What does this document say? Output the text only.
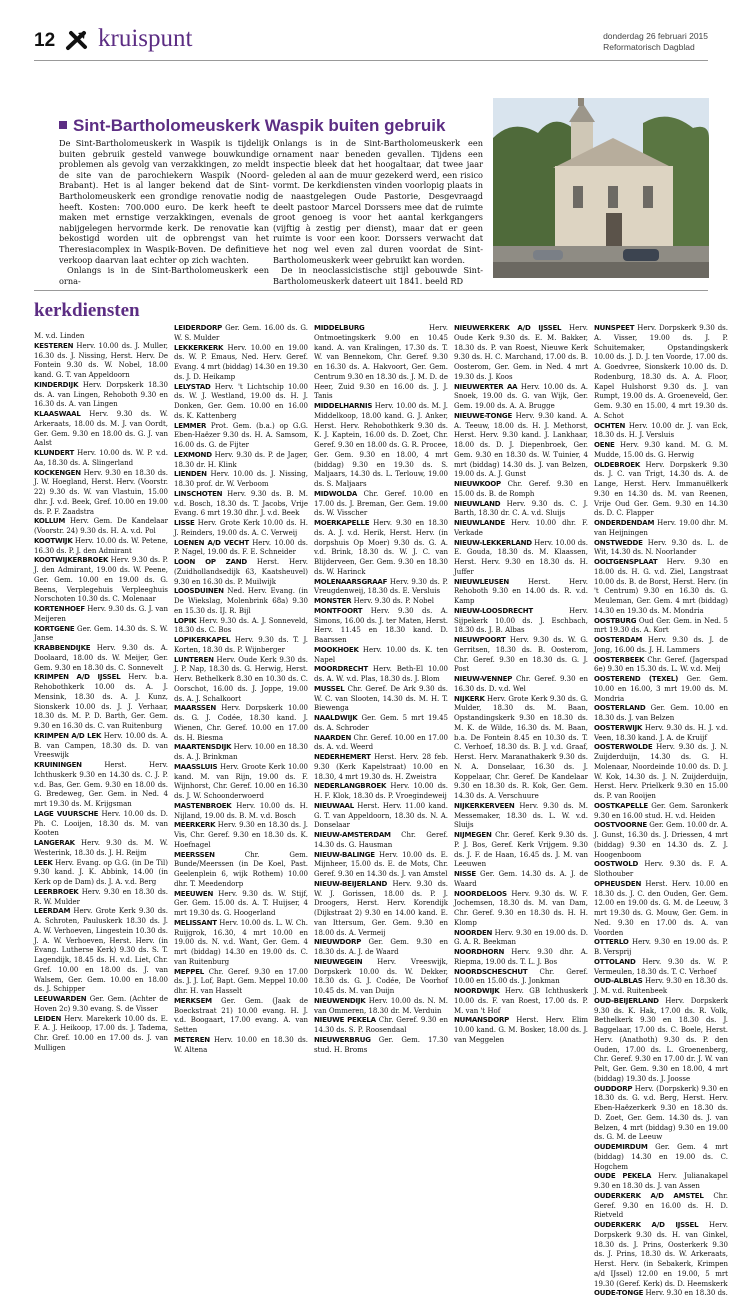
12 kruispunt	donderdag 26 februari 2015
Reformatorisch Dagblad
Sint-Bartholomeuskerk Waspik buiten gebruik

De Sint-Bartholomeuskerk in Waspik is tijdelijk buiten gebruik gesteld vanwege bouwkundige problemen als gevolg van verzakkingen, zo meldt de site van de parochiekern Waspik (Noord-Brabant). Het is al langer bekend dat de Sint-Bartholomeuskerk een grondige renovatie nodig heeft. Kosten: 700.000 euro. De kerk heeft te maken met ernstige verzakkingen, evenals de nabijgelegen hervormde kerk. De renovatie kan bekostigd worden uit de opbrengst van het Theresiacomplex in Waspik-Boven. De definitieve verkoop daarvan laat echter op zich wachten.

Onlangs is in de Sint-Bartholomeuskerk een orna-

Onlangs is in de Sint-Bartholomeuskerk een ornament naar beneden gevallen. Tijdens een inspectie bleek dat het hoogaltaar, dat twee jaar geleden al aan de muur gezekerd werd, een risico vormt. De kerkdiensten vinden voorlopig plaats in de naastgelegen Oude Pastorie, Desgevraagd deelt pastoor Marcel Dorssers mee dat de ruimte groot genoeg is voor het aantal kerkgangers (vijftig à zestig per dienst), maar dat er geen ruimte is voor een koor. Dorssers verwacht dat het nog wel even zal duren voordat de Sint-Bartholomeuskerk weer gebruikt kan worden.

De in neoclassicistische stijl gebouwde Sint-Bartholomeuskerk dateert uit 1841. beeld RD

kerkdiensten

M. v.d. Linden

KESTEREN Herv. 10.00 ds. J. Muller, 16.30 ds. J. Nissing, Herst. Herv. De Fontein 9.30 ds. W. Nobel, 18.00 kand. G. T. van Appeldoorn

KINDERDIJK Herv. Dorpskerk 18.30 ds. A. van Lingen, Rehoboth 9.30 en 16.30 ds. A. van Lingen

KLAASWAAL Herv. 9.30 ds. W. Arkeraats, 18.00 ds. M. J. van Oordt, Ger. Gem. 9.30 en 18.00 ds. G. J. van Aalst

KLUNDERT Herv. 10.00 ds. W. P. v.d. Aa, 18.30 ds. A. Slingerland

KOCKENGEN Herv. 9.30 en 18.30 ds. J. W. Hoegland, Herst. Herv. (Voorstr. 22) 9.30 ds. W. van Vlastuin, 15.00 dhr. J. v.d. Beek, Gref. 10.00 en 19.00 ds. P. F. Zaadstra

KOLLUM Herv. Gem. De Kandelaar (Voorstr. 24) 9.30 ds. H. A. v.d. Pol

KOOTWIJK Herv. 10.00 ds. W. Petene, 16.30 ds. P. J. den Admirant

KOOTWIJKERBROEK Herv. 9.30 ds. P. J. den Admirant, 19.00 ds. W. Peene, Ger. Gem. 10.00 en 19.00 ds. G. Beens, Verplegehuis Verpleeghuis Norschoten 10.30 ds. C. Molenaar

KORTENHOEF Herv. 9.30 ds. G. J. van Meijeren

KORTGENE Ger. Gem. 14.30 ds. S. W. Janse

KRABBENDIJKE Herv. 9.30 ds. A. Doolaard, 18.00 ds. W. Meijer, Ger. Gem. 9.30 en 18.30 ds. C. Sonnevelt

KRIMPEN A/D IJSSEL Herv. b.a. Rehobothkerk 10.00 ds. A. J. Mensink, 18.30 ds. A. J. Kunz, Sionskerk 10.00 ds. J. J. Verhaar, 18.30 ds. M. P. D. Barth, Ger. Gem. 9.30 en 16.30 ds. C. van Ruitenburg

KRIMPEN A/D LEK Herv. 10.00 ds. A. B. van Campen, 18.30 ds. D. van Vreeswijk

KRUININGEN Herst. Herv. Ichthuskerk 9.30 en 14.30 ds. C. J. P. v.d. Bas, Ger. Gem. 9.30 en 18.00 ds. G. Bredeweg, Ger. Gem. in Ned. 4 mrt 19.30 ds. M. Krijgsman

LAGE VUURSCHE Herv. 10.00 ds. D. Ph. C. Looijen, 18.30 ds. M. van Kooten

LANGERAK Herv. 9.30 ds. M. W. Westerink, 18.30 ds. J. H. Reijm

LEEK Herv. Evang. op G.G. (in De Til) 9.30 kand. J. K. Abbink, 14.00 (in Kerk op de Dam) ds. J. A. v.d. Berg

LEERBROEK Herv. 9.30 en 18.30 ds. R. W. Mulder

LEERDAM Herv. Grote Kerk 9.30 ds. A. Schroten, Pauluskerk 18.30 ds. J. A. W. Verhoeven, Lingestein 10.30 ds. J. A. W. Verhoeven, Herst. Herv. (in Evang. Lutherse Kerk) 9.30 ds. S. T. Lagendijk, 18.45 ds. H. v.d. Liet, Chr. Gref. 10.00 en 18.00 ds. J. van Walsem, Ger. Gem. 10.00 en 18.00 ds. J. Schipper

LEEUWARDEN Ger. Gem. (Achter de Hoven 2c) 9.30 evang. S. de Visser

LEIDEN Herv. Marekerk 10.00 ds. E. F. A. J. Heikoop, 17.00 ds. J. Tadema, Chr. Gref. 10.00 en 17.00 ds. J. van Mulligen

LEIDERDORP Ger. Gem. 16.00 ds. G. W. S. Mulder

LEKKERKERK Herv. 10.00 en 19.00 ds. W. P. Emaus, Ned. Herv. Geref. Evang. 4 mrt (biddag) 14.30 en 19.30 ds. J. D. Heikamp

LELYSTAD Herv. 't Lichtschip 10.00 ds. W. J. Westland, 19.00 ds. H. J. Donken, Ger. Gem. 10.00 en 16.00 ds. K. Kattenberg

LEMMER Prot. Gem. (b.a.) op G.G. Eben-Haëzer 9.30 ds. H. A. Samsom, 16.00 ds. G. de Fijter

LEXMOND Herv. 9.30 ds. P. de Jager, 18.30 dr. H. Klink

LIENDEN Herv. 10.00 ds. J. Nissing, 18.30 prof. dr. W. Verboom

LINSCHOTEN Herv. 9.30 ds. B. M. v.d. Bosch, 18.30 ds. T. Jacobs, Vrije Evang. 6 mrt 19.30 dhr. J. v.d. Beek

LISSE Herv. Grote Kerk 10.00 ds. H. J. Reinders, 19.00 ds. A. C. Verweij

LOENEN A/D VECHT Herv. 10.00 ds. P. Nagel, 19.00 ds. F. E. Schneider

LOON OP ZAND Herst. Herv. (Zuidhollandsedijk 63, Kaatsheuvel) 9.30 en 16.30 ds. P. Muilwijk

LOOSDUINEN Ned. Herv. Evang. (in De Wiekslag, Molenbrink 68a) 9.30 en 15.30 ds. IJ. R. Bijl

LOPIK Herv. 9.30 ds. A. J. Sonneveld, 18.30 ds. C. Bos

LOPIKERKAPEL Herv. 9.30 ds. T. J. Korten, 18.30 ds. P. Wijnberger

LUNTEREN Herv. Oude Kerk 9.30 ds. J. P. Nap, 18.30 ds. G. Herwig, Herst. Herv. Bethelkerk 8.30 en 10.30 ds. C. Oorschot, 16.00 ds. J. Joppe, 19.00 ds. A. J. Schalkoort

MAARSSEN Herv. Dorpskerk 10.00 ds. G. J. Codée, 18.30 kand. J. Wienen, Chr. Geref. 10.00 en 17.00 ds. H. Biesma

MAARTENSDIJK Herv. 10.00 en 18.30 ds. A. J. Brinkman

MAASSLUIS Herv. Groote Kerk 10.00 kand. M. van Rijn, 19.00 ds. F. Wijnhorst, Chr. Geref. 10.00 en 16.30 ds. J. W. Schoonderwoerd

MASTENBROEK Herv. 10.00 ds. H. Nijland, 19.00 ds. B. M. v.d. Bosch

MEERKERK Herv. 9.30 en 18.30 ds. J. Vis, Chr. Geref. 9.30 en 18.30 ds. K. Hoefnagel

MEERSSEN Chr. Gem. Bunde/Meerssen (in De Koel, Past. Geelenplein 6, wijk Rothem) 10.00 dhr. T. Meedendorp

MEEUWEN Herv. 9.30 ds. W. Stijf, Ger. Gem. 15.00 ds. A. T. Huijser, 4 mrt 19.30 ds. G. Hoogerland

MELISSANT Herv. 10.00 ds. L. W. Ch. Ruijgrok, 16.30, 4 mrt 10.00 en 19.00 ds. N. v.d. Want, Ger. Gem. 4 mrt (biddag) 14.30 en 19.00 ds. C. van Ruitenburg

MEPPEL Chr. Geref. 9.30 en 17.00 ds. J. J. Lof, Bapt. Gem. Meppel 10.00 dhr. H. van Hasselt

MERKSEM Ger. Gem. (Jaak de Boeckstraat 21) 10.00 evang. H. J. v.d. Boogaart, 17.00 evang. A. van Setten

METEREN Herv. 10.00 en 18.30 ds. W. Altena

MIDDELBURG Herv. Ontmoetingskerk 9.00 en 10.45 kand. A. van Kralingen, 17.30 ds. T. W. van Bennekom, Chr. Geref. 9.30 en 16.30 ds. A. Hakvoort, Ger. Gem. Centrum 9.30 en 18.30 ds. J. M. D. de Heer, Zuid 9.30 en 16.00 ds. J. J. Tanis

MIDDELHARNIS Herv. 10.00 ds. M. J. Middelkoop, 18.00 kand. G. J. Anker, Herst. Herv. Rehobothkerk 9.30 ds. K. J. Kaptein, 16.00 ds. D. Zoet, Chr. Geref. 9.30 en 18.00 ds. G. R. Procee, Ger. Gem. 9.30 en 18.00, 4 mrt (biddag) 9.30 en 19.30 ds. S. Maljaars, 14.30 ds. L. Terlouw, 19.00 ds. S. Maljaars

MIDWOLDA Chr. Geref. 10.00 en 17.00 ds. J. Breman, Ger. Gem. 19.00 ds. W. Visscher

MOERKAPELLE Herv. 9.30 en 18.30 ds. A. J. v.d. Herik, Herst. Herv. (in dorpshuis Op Moer) 9.30 ds. G. A. v.d. Brink, 18.30 ds. W. J. C. van Blijderveen, Ger. Gem. 9.30 en 18.30 ds. W. Harinck

MOLENAARSGRAAF Herv. 9.30 ds. P. Vreugdenweij, 18.30 ds. E. Versluis

MONSTER Herv. 9.30 ds. P. Nobel

MONTFOORT Herv. 9.30 ds. A. Simons, 16.00 ds. J. ter Maten, Herst. Herv. 11.45 en 18.30 kand. D. Baarssen

MOOKHOEK Herv. 10.00 ds. K. ten Napel

MOORDRECHT Herv. Beth-El 10.00 ds. A. W. v.d. Plas, 18.30 ds. J. Blom

MUSSEL Chr. Geref. De Ark 9.30 ds. W. C. van Slooten, 14.30 ds. M. H. T. Biewenga

NAALDWIJK Ger. Gem. 5 mrt 19.45 ds. A. Schroder

NAARDEN Chr. Geref. 10.00 en 17.00 ds. A. v.d. Weerd

NEDERHEMERT Herst. Herv. 28 feb. 9.30 (Kerk Kapelstraat) 10.00 en 18.30, 4 mrt 19.30 ds. H. Zweistra

NEDERLANGBROEK Herv. 10.00 ds. H. F. Klok, 18.30 ds. P. Vroegindeweij

NIEUWAAL Herst. Herv. 11.00 kand. G. T. van Appeldoorn, 18.30 ds. N. A. Donselaar

NIEUW-AMSTERDAM Chr. Geref. 14.30 ds. G. Hausman

NIEUW-BALINGE Herv. 10.00 ds. E. Mijnheer, 15.00 ds. E. de Mots, Chr. Geref. 9.30 en 14.30 ds. J. van Amstel

NIEUW-BEIJERLAND Herv. 9.30 ds. W. J. Gorissen, 18.00 ds. P. J. Droogers, Herst. Herv. Korendijk (Dijkstraat 2) 9.30 en 14.00 kand. E. van Ittersum, Ger. Gem. 9.30 en 18.00 ds. A. Vermeij

NIEUWDORP Ger. Gem. 9.30 en 18.30 ds. A. J. de Waard

NIEUWEGEIN Herv. Vreeswijk, Dorpskerk 10.00 ds. W. Dekker, 18.30 ds. G. J. Codée, De Voorhof 10.45 ds. M. van Duijn

NIEUWENDIJK Herv. 10.00 ds. N. M. van Ommeren, 18.30 dr. M. Verduin

NIEUWE PEKELA Chr. Geref. 9.30 en 14.30 ds. S. P. Roosendaal

NIEUWERBRUG Ger. Gem. 17.30 stud. H. Broms

NIEUWERKERK A/D IJSSEL Herv. Oude Kerk 9.30 ds. E. M. Bakker, 18.30 ds. P. van Roest, Nieuwe Kerk 9.30 ds. H. C. Marchand, 17.00 ds. B. Oosterom, Ger. Gem. in Ned. 4 mrt 19.30 ds. J. Koos

NIEUWERTER AA Herv. 10.00 ds. A. Snoek, 19.00 ds. G. van Wijk, Ger. Gem. 19.00 ds. A. A. Brugge

NIEUWE-TONGE Herv. 9.30 kand. A. A. Teeuw, 18.00 ds. H. J. Methorst, Herst. Herv. 9.30 kand. J. Lankhaar, 18.00 ds. D. J. Diepenbroek, Ger. Gem. 9.30 en 18.30 ds. W. Tuinier, 4 mrt (biddag) 14.30 ds. J. van Belzen, 19.00 ds. A. J. Gunst

NIEUWKOOP Chr. Geref. 9.30 en 15.00 ds. B. de Romph

NIEUWLAND Herv. 9.30 ds. C. J. Barth, 18.30 dr. C. A. v.d. Sluijs

NIEUWLANDE Herv. 10.00 dhr. F. Verkade

NIEUW-LEKKERLAND Herv. 10.00 ds. E. Gouda, 18.30 ds. M. Klaassen, Herst. Herv. 9.30 en 18.30 ds. H. Juffer

NIEUWLEUSEN Herst. Herv. Rehoboth 9.30 en 14.00 ds. R. v.d. Kamp

NIEUW-LOOSDRECHT Herv. Sijpekerk 10.00 ds. J. Eschbach, 18.30 ds. J. B. Albas

NIEUWPOORT Herv. 9.30 ds. W. G. Gerritsen, 18.30 ds. B. Oosterom, Chr. Geref. 9.30 en 18.30 ds. G. J. Post

NIEUW-VENNEP Chr. Geref. 9.30 en 16.30 ds. D. v.d. Wel

NIJKERK Herv. Grote Kerk 9.30 ds. G. Mulder, 18.30 ds. M. Baan, Opstandingskerk 9.30 en 18.30 ds. M. K. de Wilde, 16.30 ds. M. Baan, b.a. De Fontein 8.45 en 10.30 ds. T. C. Verhoef, 18.30 ds. B. J. v.d. Graaf, Herst. Herv. Maranathakerk 9.30 ds. N. A. Donselaar, 16.30 ds. J. Koppelaar, Chr. Geref. De Kandelaar 9.30 en 18.30 ds. R. Kok, Ger. Gem. 14.30 ds. A. Verschuure

NIJKERKERVEEN Herv. 9.30 ds. M. Messemaker, 18.30 ds. L. W. v.d. Sluijs

NIJMEGEN Chr. Geref. Kerk 9.30 ds. P. J. Bos, Geref. Kerk Vrijgem. 9.30 ds. J. F. de Haan, 16.45 ds. J. M. van Leeuwen

NISSE Ger. Gem. 14.30 ds. A. J. de Waard

NOORDELOOS Herv. 9.30 ds. W. F. Jochemsen, 18.30 ds. M. van Dam, Chr. Geref. 9.30 en 18.30 ds. H. H. Klomp

NOORDEN Herv. 9.30 en 19.00 ds. D. G. A. R. Beekman

NOORDHORN Herv. 9.30 dhr. A. Riepma, 19.00 ds. T. L. J. Bos

NOORDSCHESCHUT Chr. Geref. 10.00 en 15.00 ds. J. Jonkman

NOORDWIJK Herv. GB Ichthuskerk 10.00 ds. F. van Roest, 17.00 ds. P. M. van 't Hof

NUMANSDORP Herst. Herv. Elim 10.00 kand. G. M. Bosker, 18.00 ds. J. van Meggelen

NUNSPEET Herv. Dorpskerk 9.30 ds. A. Visser, 19.00 ds. J. P. Schuitemaker, Opstandingskerk 10.00 ds. J. D. J. ten Voorde, 17.00 ds. A. Goedvree, Sionskerk 10.00 ds. D. Rodenburg, 18.30 ds. A. A. Floor, Kapel Hulshorst 9.30 ds. J. van Rumpt, 19.00 ds. A. Groeneveld, Ger. Gem. 9.30 en 15.00, 4 mrt 19.30 ds. A. Schot

OCHTEN Herv. 10.00 dr. J. van Eck, 18.30 ds. H. J. Versluis

OENE Herv. 9.30 kand. M. G. M. Mudde, 15.00 ds. G. Herwig

OLDEBROEK Herv. Dorpskerk 9.30 ds. J. C. van Trigt, 14.30 ds. A. de Lange, Herst. Herv. Immanuëlkerk 9.30 en 14.30 ds. M. van Reenen, Vrije Oud Ger. Gem. 9.30 en 14.30 ds. D. C. Flapper

ONDERDENDAM Herv. 19.00 dhr. M. van Heijningen

ONSTWEDDE Herv. 9.30 ds. L. de Wit, 14.30 ds. N. Noorlander

OOLTGENSPLAAT Herv. 9.30 en 18.00 ds. H. G. v.d. Ziel, Langstraat 10.00 ds. B. de Borst, Herst. Herv. (in 't Centrum) 9.30 en 16.30 ds. G. Meuleman, Ger. Gem. 4 mrt (biddag) 14.30 en 19.30 ds. M. Mondria

OOSTBURG Oud Ger. Gem. in Ned. 5 mrt 19.30 ds. A. Kort

OOSTERDAM Herv. 9.30 ds. J. de Jong, 16.00 ds. J. H. Lammers

OOSTERBEEK Chr. Geref. (Jagerspad 6e) 9.30 en 15.30 ds. L. W. v.d. Meij

OOSTEREND (TEXEL) Ger. Gem. 10.00 en 16.00, 3 mrt 19.00 ds. M. Mondria

OOSTERLAND Ger. Gem. 10.00 en 18.30 ds. J. van Belzen

OOSTERWIJK Herv. 9.30 ds. H. J. v.d. Veen, 18.30 kand. J. A. de Kruijf

OOSTERWOLDE Herv. 9.30 ds. J. N. Zuijderduijn, 14.30 ds. G. H. Molenaar, Noordeinde 10.00 ds. D. J. W. Kok, 14.30 ds. J. N. Zuijderduijn, Herst. Herv. Prielkerk 9.30 en 15.00 ds. P. van Rooijen

OOSTKAPELLE Ger. Gem. Saronkerk 9.30 en 16.00 stud. H. v.d. Heiden

OOSTVOORNE Ger. Gem. 10.00 dr. A. J. Gunst, 16.30 ds. J. Driessen, 4 mrt (biddag) 9.30 en 14.30 ds. Z. J. Hoogenboom

OOSTWOLD Herv. 9.30 ds. F. A. Slothouber

OPHEUSDEN Herst. Herv. 10.00 en 18.30 ds. J. C. den Ouden, Ger. Gem. 12.00 en 19.00 ds. G. M. de Leeuw, 3 mrt 19.30 ds. G. Mouw, Ger. Gem. in Ned. 9.30 en 17.00 ds. A. van Voorden

OTTERLO Herv. 9.30 en 19.00 ds. P. B. Versprij

OTTOLAND Herv. 9.30 ds. W. P. Vermeulen, 18.30 ds. T. C. Verhoef

OUD-ALBLAS Herv. 9.30 en 18.30 ds. J. M. v.d. Ruitenbeek

OUD-BEIJERLAND Herv. Dorpskerk 9.30 ds. K. Hak, 17.00 ds. R. Volk, Bethelkerk 9.30 en 18.30 ds. J. Baggelaar, 17.00 ds. C. Boele, Herst. Herv. (Anathoth) 9.30 ds. P. den Ouden, 17.00 ds. L. Groenenberg, Chr. Geref. 9.30 en 17.00 dr. J. W. van Pelt, Ger. Gem. 9.30 en 18.00, 4 mrt (biddag) 19.30 ds. J. Joosse

OUDDORP Herv. (Dorpskerk) 9.30 en 18.30 ds. G. v.d. Berg, Herst. Herv. Eben-Haëzerkerk 9.30 en 18.30 ds. D. Zoet, Ger. Gem. 14.30 ds. J. van Belzen, 4 mrt (biddag) 9.30 en 19.00 ds. G. M. de Leeuw

OUDEMIRDUM Ger. Gem. 4 mrt (biddag) 14.30 en 19.00 ds. C. Hogchem

OUDE PEKELA Herv. Julianakapel 9.30 en 18.30 ds. J. van Assen

OUDERKERK A/D AMSTEL Chr. Geref. 9.30 en 16.00 ds. H. D. Rietveld

OUDERKERK A/D IJSSEL Herv. Dorpskerk 9.30 ds. H. van Ginkel, 18.30 ds. J. Prins, Oosterkerk 9.30 ds. J. Prins, 18.30 ds. W. Arkeraats, Herst. Herv. (in Sebakerk, Krimpen a/d IJssel) 12.00 en 19.00, 5 mrt 19.30 (Geref. Kerk) ds. D. Heemskerk

OUDE-TONGE Herv. 9.30 en 18.30 ds.
